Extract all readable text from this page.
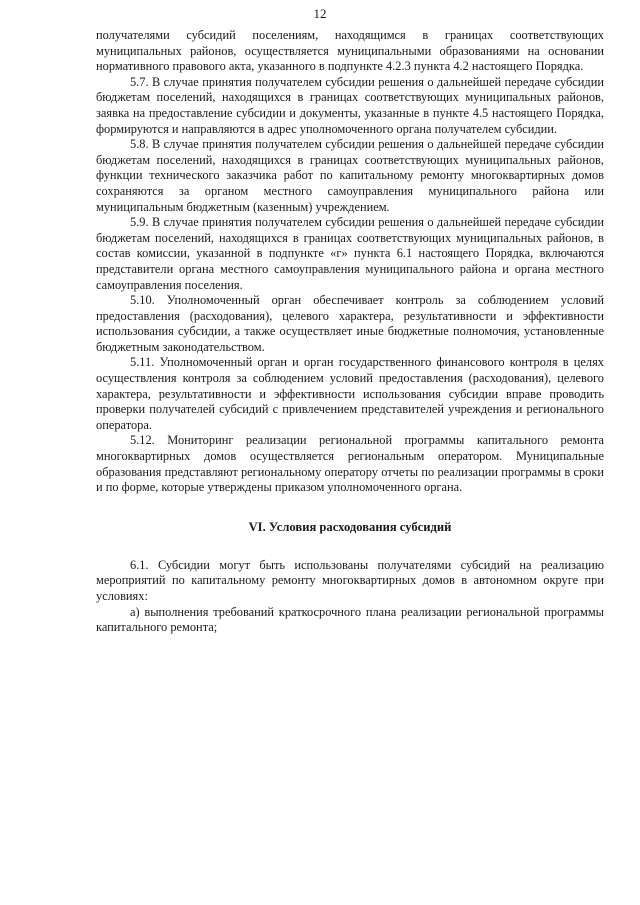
12

получателями субсидий поселениям, находящимся в границах соответствующих муниципальных районов, осуществляется муниципальными образованиями на основании нормативного правового акта, указанного в подпункте 4.2.3 пункта 4.2 настоящего Порядка.

5.7. В случае принятия получателем субсидии решения о дальнейшей передаче субсидии бюджетам поселений, находящихся в границах соответствующих муниципальных районов, заявка на предоставление субсидии и документы, указанные в пункте 4.5 настоящего Порядка, формируются и направляются в адрес уполномоченного органа получателем субсидии.

5.8. В случае принятия получателем субсидии решения о дальнейшей передаче субсидии бюджетам поселений, находящихся в границах соответствующих муниципальных районов, функции технического заказчика работ по капитальному ремонту многоквартирных домов сохраняются за органом местного самоуправления муниципального района или муниципальным бюджетным (казенным) учреждением.

5.9. В случае принятия получателем субсидии решения о дальнейшей передаче субсидии бюджетам поселений, находящихся в границах соответствующих муниципальных районов, в состав комиссии, указанной в подпункте «г» пункта 6.1 настоящего Порядка, включаются представители органа местного самоуправления муниципального района и органа местного самоуправления поселения.

5.10. Уполномоченный орган обеспечивает контроль за соблюдением условий предоставления (расходования), целевого характера, результативности и эффективности использования субсидии, а также осуществляет иные бюджетные полномочия, установленные бюджетным законодательством.

5.11. Уполномоченный орган и орган государственного финансового контроля в целях осуществления контроля за соблюдением условий предоставления (расходования), целевого характера, результативности и эффективности использования субсидии вправе проводить проверки получателей субсидий с привлечением представителей учреждения и регионального оператора.

5.12. Мониторинг реализации региональной программы капитального ремонта многоквартирных домов осуществляется региональным оператором. Муниципальные образования представляют региональному оператору отчеты по реализации программы в сроки и по форме, которые утверждены приказом уполномоченного органа.

VI. Условия расходования субсидий

6.1. Субсидии могут быть использованы получателями субсидий на реализацию мероприятий по капитальному ремонту многоквартирных домов в автономном округе при условиях:

а) выполнения требований краткосрочного плана реализации региональной программы капитального ремонта;
